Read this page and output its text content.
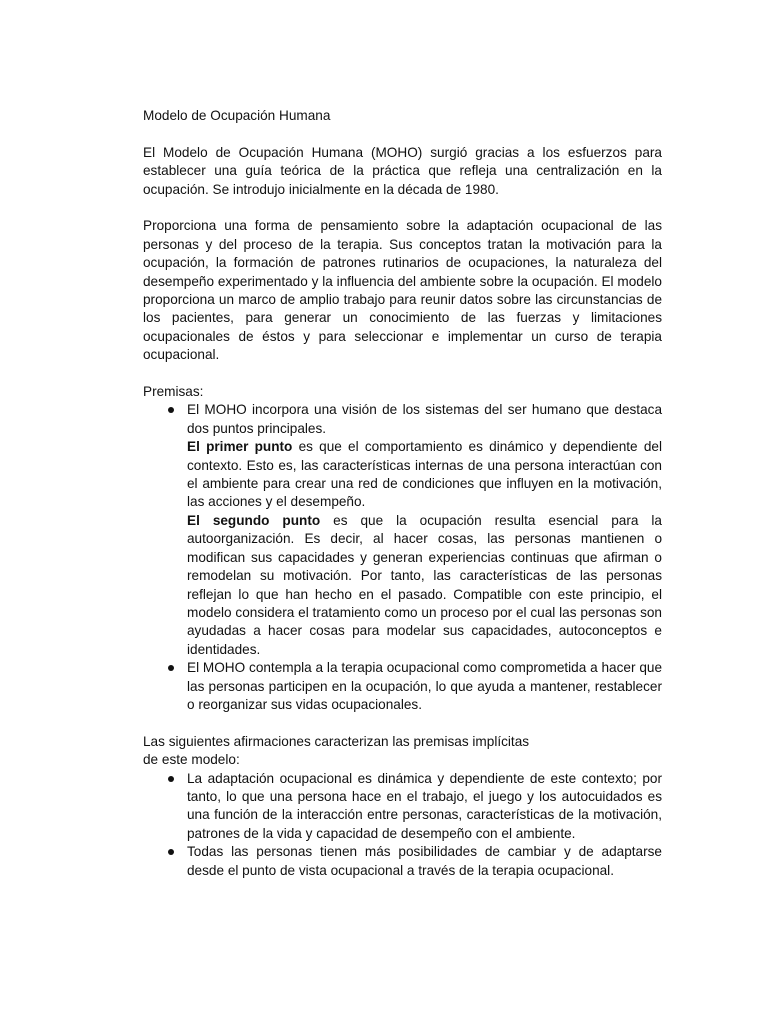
Modelo de Ocupación Humana

El Modelo de Ocupación Humana (MOHO) surgió gracias a los esfuerzos para establecer una guía teórica de la práctica que refleja una centralización en la ocupación. Se introdujo inicialmente en la década de 1980.

Proporciona una forma de pensamiento sobre la adaptación ocupacional de las personas y del proceso de la terapia. Sus conceptos tratan la motivación para la ocupación, la formación de patrones rutinarios de ocupaciones, la naturaleza del desempeño experimentado y la influencia del ambiente sobre la ocupación. El modelo proporciona un marco de amplio trabajo para reunir datos sobre las circunstancias de los pacientes, para generar un conocimiento de las fuerzas y limitaciones ocupacionales de éstos y para seleccionar e implementar un curso de terapia ocupacional.

Premisas:

El MOHO incorpora una visión de los sistemas del ser humano que destaca dos puntos principales.
El primer punto es que el comportamiento es dinámico y dependiente del contexto. Esto es, las características internas de una persona interactúan con el ambiente para crear una red de condiciones que influyen en la motivación, las acciones y el desempeño.
El segundo punto es que la ocupación resulta esencial para la autoorganización. Es decir, al hacer cosas, las personas mantienen o modifican sus capacidades y generan experiencias continuas que afirman o remodelan su motivación. Por tanto, las características de las personas reflejan lo que han hecho en el pasado. Compatible con este principio, el modelo considera el tratamiento como un proceso por el cual las personas son ayudadas a hacer cosas para modelar sus capacidades, autoconceptos e identidades.
El MOHO contempla a la terapia ocupacional como comprometida a hacer que las personas participen en la ocupación, lo que ayuda a mantener, restablecer o reorganizar sus vidas ocupacionales.

Las siguientes afirmaciones caracterizan las premisas implícitas
de este modelo:

La adaptación ocupacional es dinámica y dependiente de este contexto; por tanto, lo que una persona hace en el trabajo, el juego y los autocuidados es una función de la interacción entre personas, características de la motivación, patrones de la vida y capacidad de desempeño con el ambiente.
Todas las personas tienen más posibilidades de cambiar y de adaptarse desde el punto de vista ocupacional a través de la terapia ocupacional.
